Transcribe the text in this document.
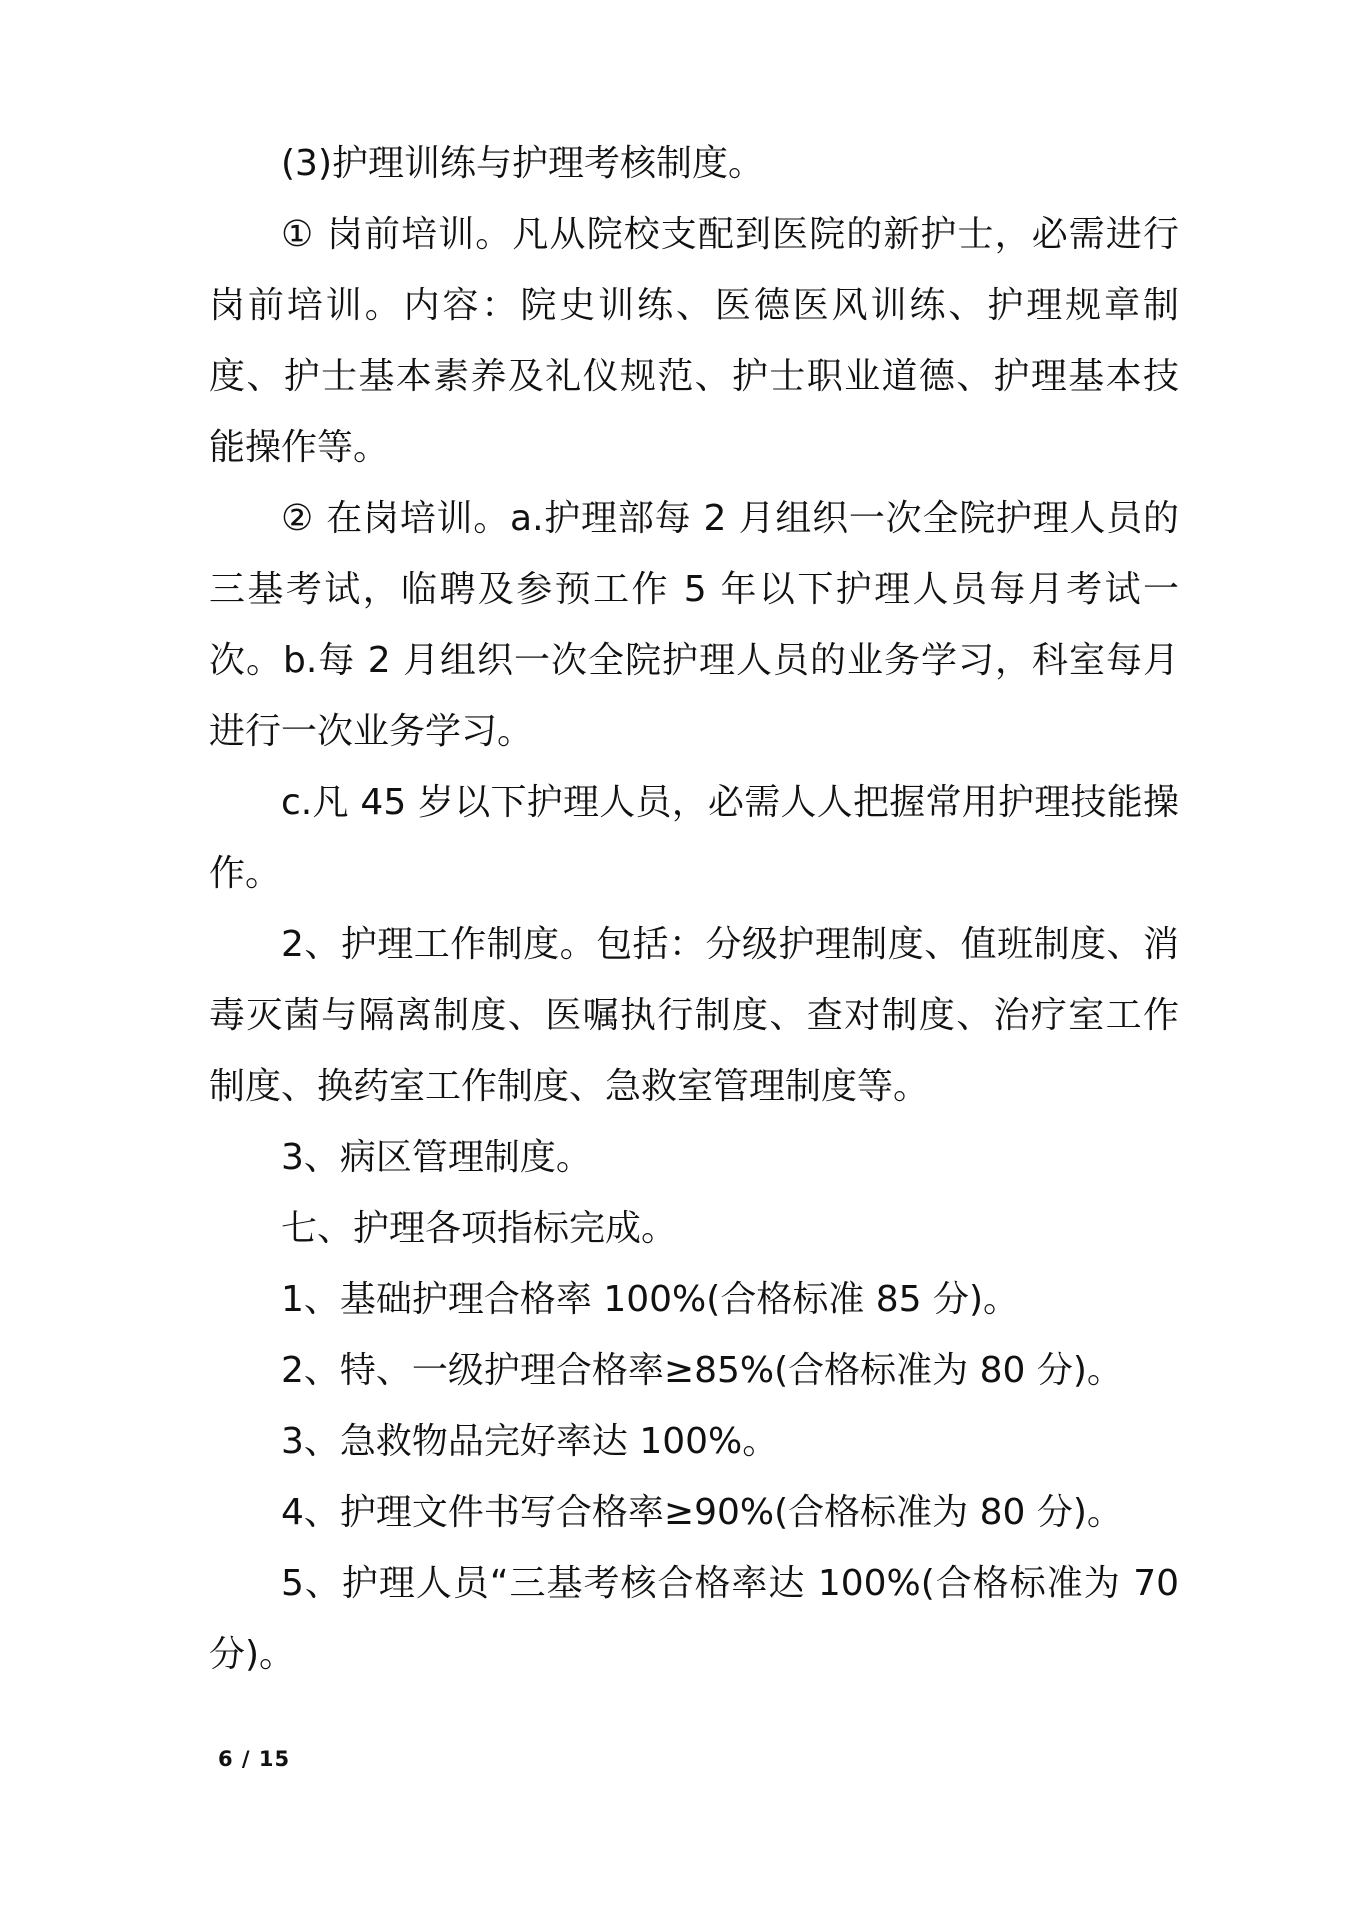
(3)护理训练与护理考核制度。

① 岗前培训。凡从院校支配到医院的新护士，必需进行岗前培训。内容：院史训练、医德医风训练、护理规章制度、护士基本素养及礼仪规范、护士职业道德、护理基本技能操作等。

② 在岗培训。a.护理部每 2 月组织一次全院护理人员的三基考试，临聘及参预工作 5 年以下护理人员每月考试一次。b.每 2 月组织一次全院护理人员的业务学习，科室每月进行一次业务学习。

c.凡 45 岁以下护理人员，必需人人把握常用护理技能操作。

2、护理工作制度。包括：分级护理制度、值班制度、消毒灭菌与隔离制度、医嘱执行制度、查对制度、治疗室工作制度、换药室工作制度、急救室管理制度等。

3、病区管理制度。

七、护理各项指标完成。

1、基础护理合格率 100%(合格标准 85 分)。

2、特、一级护理合格率≥85%(合格标准为 80 分)。

3、急救物品完好率达 100%。

4、护理文件书写合格率≥90%(合格标准为 80 分)。

5、护理人员“三基考核合格率达 100%(合格标准为 70 分)。

6 / 15
